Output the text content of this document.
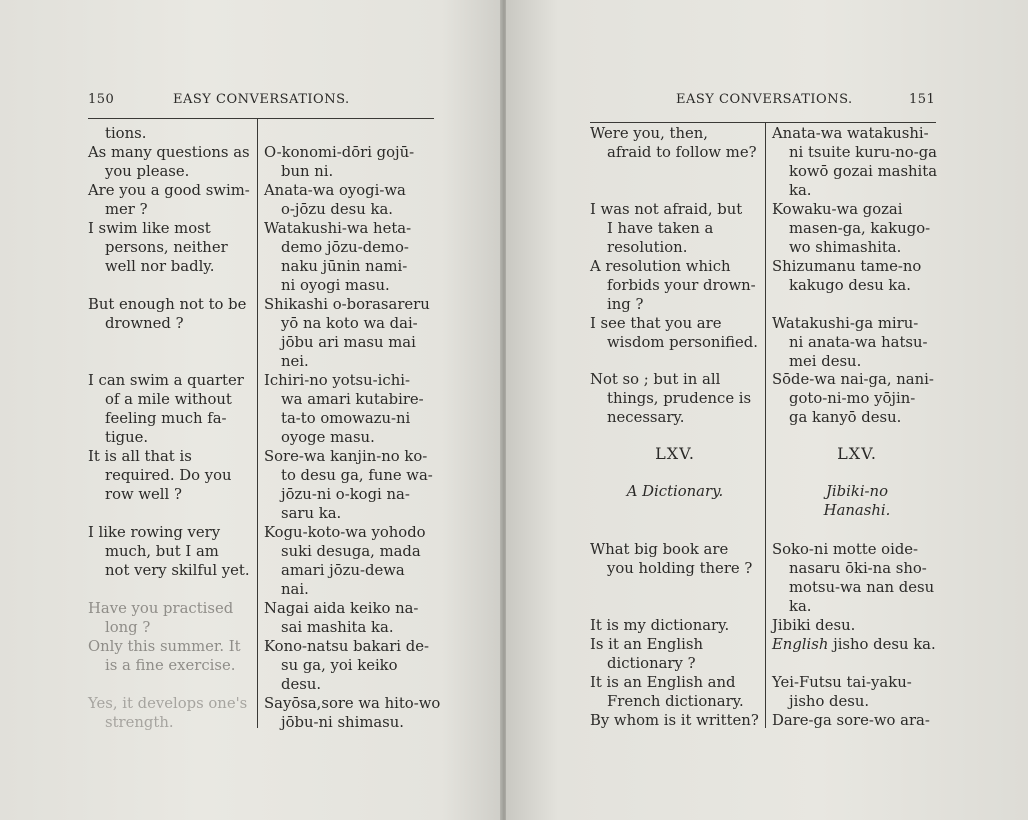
150	EASY CONVERSATIONS.
tions.
As many questions as
you please.
Are you a good swim-
mer ?
I swim like most
persons, neither
well nor badly.
But enough not to be
drowned ?
I can swim a quarter
of a mile without
feeling much fa-
tigue.
It is all that is
required. Do you
row well ?
I like rowing very
much, but I am
not very skilful yet.
Have you practised
long ?
Only this summer. It
is a fine exercise.
Yes, it develops one's
strength.
O-konomi-dōri gojū-
bun ni.
Anata-wa oyogi-wa
o-jōzu desu ka.
Watakushi-wa heta-
demo jōzu-demo-
naku jūnin nami-
ni oyogi masu.
Shikashi o-borasareru
yō na koto wa dai-
jōbu ari masu mai
nei.
Ichiri-no yotsu-ichi-
wa amari kutabire-
ta-to omowazu-ni
oyoge masu.
Sore-wa kanjin-no ko-
to desu ga, fune wa-
jōzu-ni o-kogi na-
saru ka.
Kogu-koto-wa yohodo
suki desuga, mada
amari jōzu-dewa
nai.
Nagai aida keiko na-
sai mashita ka.
Kono-natsu bakari de-
su ga, yoi keiko
desu.
Sayōsa,sore wa hito-wo
jōbu-ni shimasu.
EASY CONVERSATIONS.	151
Were you, then,
afraid to follow me?
I was not afraid, but
I have taken a
resolution.
A resolution which
forbids your drown-
ing ?
I see that you are
wisdom personified.
Not so ; but in all
things, prudence is
necessary.
LXV.
A Dictionary.
What big book are
you holding there ?
It is my dictionary.
Is it an English
dictionary ?
It is an English and
French dictionary.
By whom is it written?
Anata-wa watakushi-
ni tsuite kuru-no-ga
kowō gozai mashita
ka.
Kowaku-wa gozai
masen-ga, kakugo-
wo shimashita.
Shizumanu tame-no
kakugo desu ka.
Watakushi-ga miru-
ni anata-wa hatsu-
mei desu.
Sōde-wa nai-ga, nani-
goto-ni-mo yōjin-
ga kanyō desu.
LXV.
Jibiki-no
Hanashi.
Soko-ni motte oide-
nasaru ōki-na sho-
motsu-wa nan desu
ka.
Jibiki desu.
English jisho desu ka.
Yei-Futsu tai-yaku-
jisho desu.
Dare-ga sore-wo ara-
